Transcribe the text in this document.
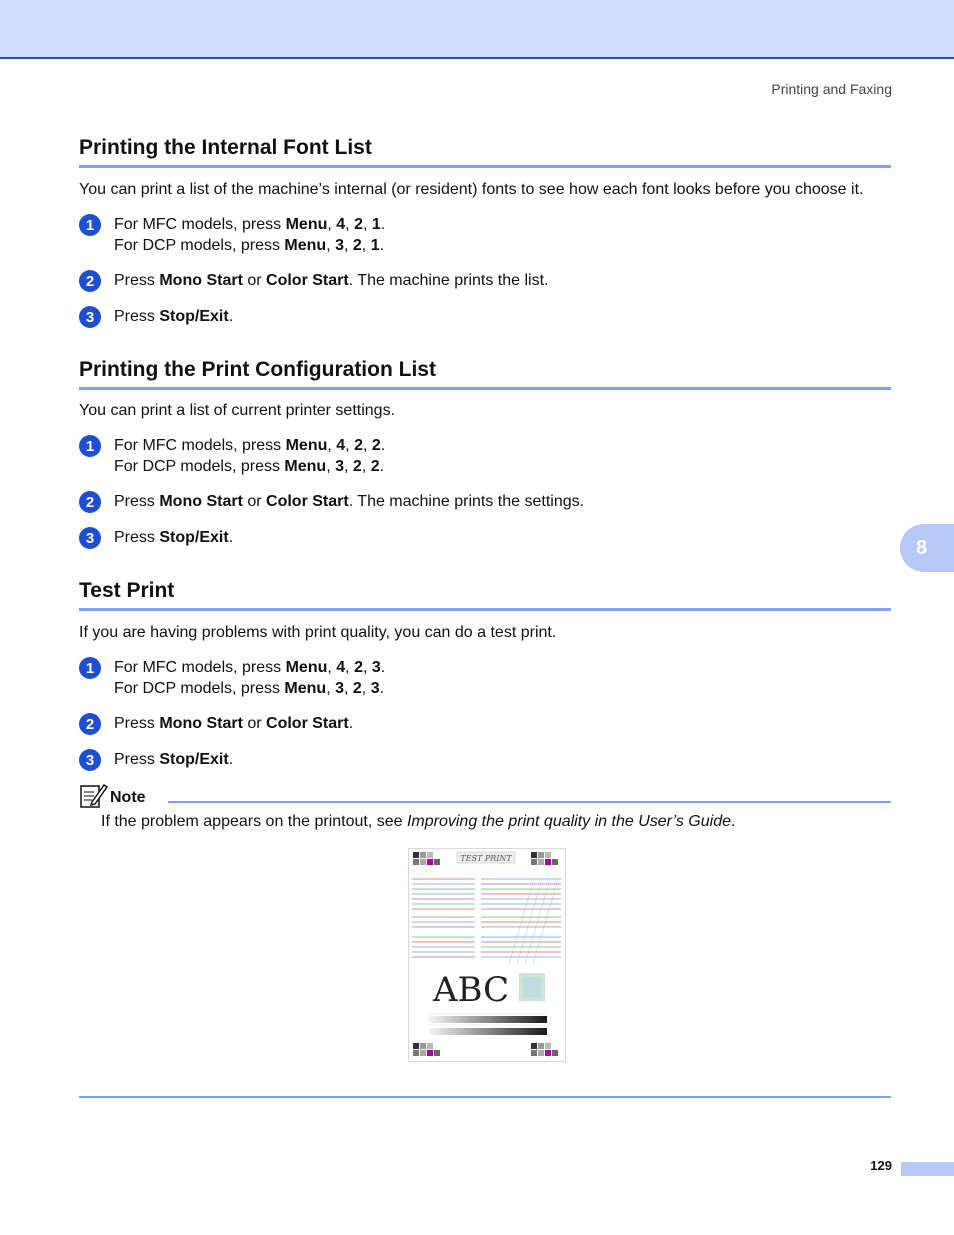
Printing and Faxing
Printing the Internal Font List

You can print a list of the machine’s internal (or resident) fonts to see how each font looks before you choose it.

1	For MFC models, press Menu, 4, 2, 1.
For DCP models, press Menu, 3, 2, 1.
2	Press Mono Start or Color Start. The machine prints the list.
3	Press Stop/Exit.
Printing the Print Configuration List

You can print a list of current printer settings.

1	For MFC models, press Menu, 4, 2, 2.
For DCP models, press Menu, 3, 2, 2.
2	Press Mono Start or Color Start. The machine prints the settings.
3	Press Stop/Exit.	8
Test Print

If you are having problems with print quality, you can do a test print.

1	For MFC models, press Menu, 4, 2, 3.
For DCP models, press Menu, 3, 2, 3.
2	Press Mono Start or Color Start.
3	Press Stop/Exit.
Note
If the problem appears on the printout, see Improving the print quality in the User’s Guide.
TEST PRINT
ABC
129
